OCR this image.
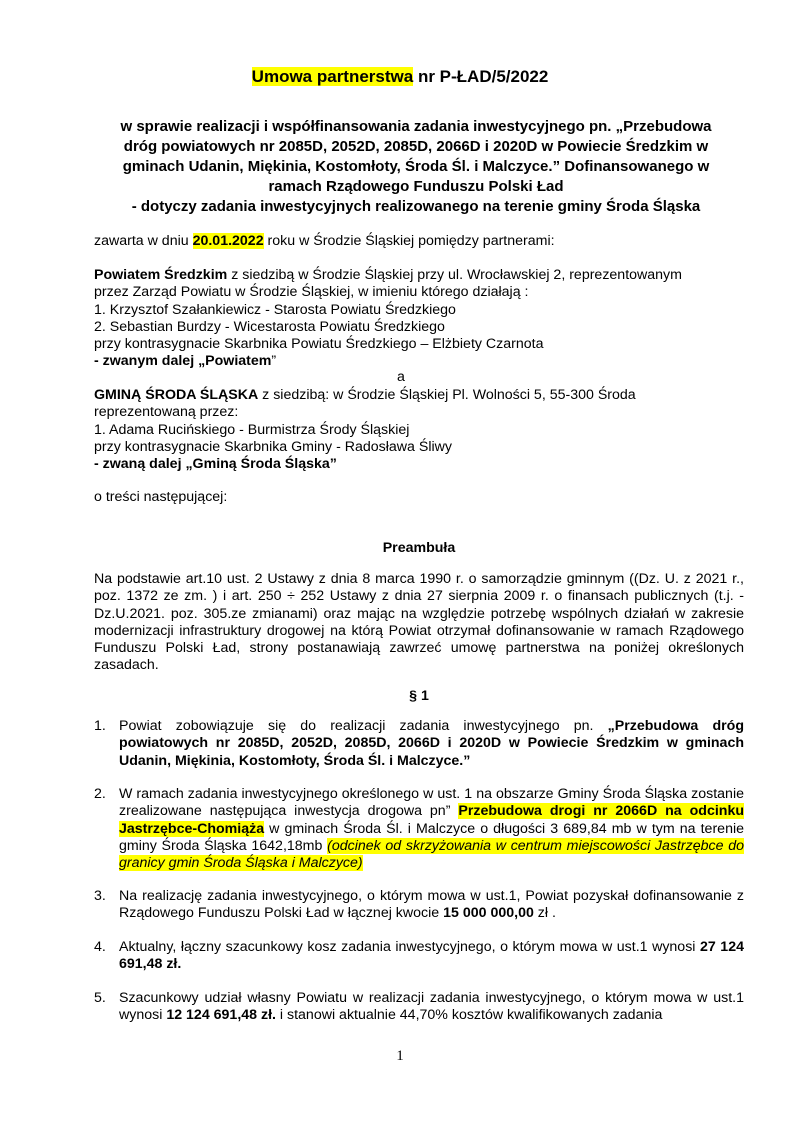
Umowa partnerstwa nr P-ŁAD/5/2022
w sprawie realizacji i współfinansowania zadania inwestycyjnego pn. „Przebudowa
dróg powiatowych nr 2085D, 2052D, 2085D, 2066D i 2020D w Powiecie Średzkim w
gminach Udanin, Miękinia, Kostomłoty, Środa Śl. i Malczyce.” Dofinansowanego w
ramach Rządowego Funduszu Polski Ład
- dotyczy zadania inwestycyjnych realizowanego na terenie gminy Środa Śląska
zawarta w dniu 20.01.2022 roku w Środzie Śląskiej pomiędzy partnerami:
Powiatem Średzkim z siedzibą w Środzie Śląskiej przy ul. Wrocławskiej 2, reprezentowanym
przez Zarząd Powiatu w Środzie Śląskiej, w imieniu którego działają :
1. Krzysztof Szałankiewicz - Starosta Powiatu Średzkiego
2. Sebastian Burdzy - Wicestarosta Powiatu Średzkiego
przy kontrasygnacie Skarbnika Powiatu Średzkiego – Elżbiety Czarnota
- zwanym dalej „Powiatem”
a
GMINĄ ŚRODA ŚLĄSKA z siedzibą: w Środzie Śląskiej Pl. Wolności 5, 55-300 Środa
reprezentowaną przez:
1. Adama Rucińskiego - Burmistrza Środy Śląskiej
przy kontrasygnacie Skarbnika Gminy - Radosława Śliwy
- zwaną dalej „Gminą Środa Śląska”
o treści następującej:
Preambuła
Na podstawie art.10 ust. 2 Ustawy z dnia 8 marca 1990 r. o samorządzie gminnym ((Dz. U. z 2021 r., poz. 1372 ze zm. ) i art. 250 ÷ 252 Ustawy z dnia 27 sierpnia 2009 r. o finansach publicznych (t.j. - Dz.U.2021. poz. 305.ze zmianami) oraz mając na względzie potrzebę wspólnych działań w zakresie modernizacji infrastruktury drogowej na którą Powiat otrzymał dofinansowanie w ramach Rządowego Funduszu Polski Ład, strony postanawiają zawrzeć umowę partnerstwa na poniżej określonych zasadach.
§ 1
1. Powiat zobowiązuje się do realizacji zadania inwestycyjnego pn. „Przebudowa dróg powiatowych nr 2085D, 2052D, 2085D, 2066D i 2020D w Powiecie Średzkim w gminach Udanin, Miękinia, Kostomłoty, Środa Śl. i Malczyce.”
2. W ramach zadania inwestycyjnego określonego w ust. 1 na obszarze Gminy Środa Śląska zostanie zrealizowane następująca inwestycja drogowa pn” Przebudowa drogi nr 2066D na odcinku Jastrzębce-Chomiąża w gminach Środa Śl. i Malczyce o długości 3 689,84 mb w tym na terenie gminy Środa Śląska 1642,18mb (odcinek od skrzyżowania w centrum miejscowości Jastrzębce do granicy gmin Środa Śląska i Malczyce)
3. Na realizację zadania inwestycyjnego, o którym mowa w ust.1, Powiat pozyskał dofinansowanie z Rządowego Funduszu Polski Ład w łącznej kwocie 15 000 000,00 zł .
4. Aktualny, łączny szacunkowy kosz zadania inwestycyjnego, o którym mowa w ust.1 wynosi 27 124 691,48 zł.
5. Szacunkowy udział własny Powiatu w realizacji zadania inwestycyjnego, o którym mowa w ust.1 wynosi 12 124 691,48 zł. i stanowi aktualnie 44,70% kosztów kwalifikowanych zadania
1
